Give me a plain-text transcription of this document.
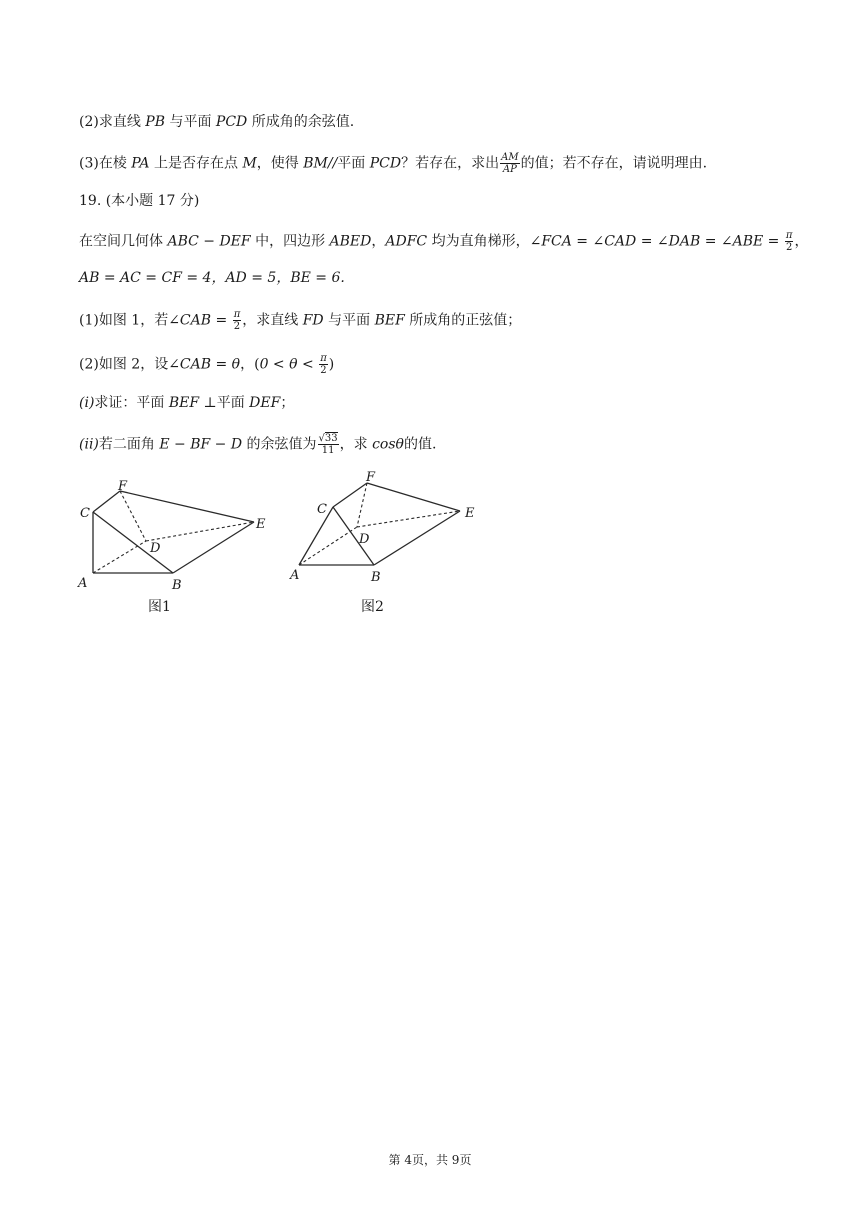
(2)求直线 PB 与平面 PCD 所成角的余弦值.
(3)在棱 PA 上是否存在点 M，使得 BM//平面 PCD？若存在，求出 $\frac{AM}{AP}$ 的值；若不存在，请说明理由.
19. (本小题 17 分)
在空间几何体 ABC − DEF 中，四边形 ABED，ADFC 均为直角梯形，∠FCA = ∠CAD = ∠DAB = ∠ABE = $\frac{\pi}{2}$ ，
AB = AC = CF = 4，AD = 5，BE = 6.
(1)如图 1，若∠CAB = $\frac{\pi}{2}$ ，求直线 FD 与平面 BEF 所成角的正弦值；
(2)如图 2，设∠CAB = θ，($0 < \theta < \frac{\pi}{2}$ )
(i)求证：平面 BEF ⊥平面 DEF；
(ii)若二面角 E − BF − D 的余弦值为 $\frac{√33}{11}$ ，求 cosθ的值.
C
F
E
D
A	B
C
F
E
D
A	B
图1	图2
第 4页，共 9页
